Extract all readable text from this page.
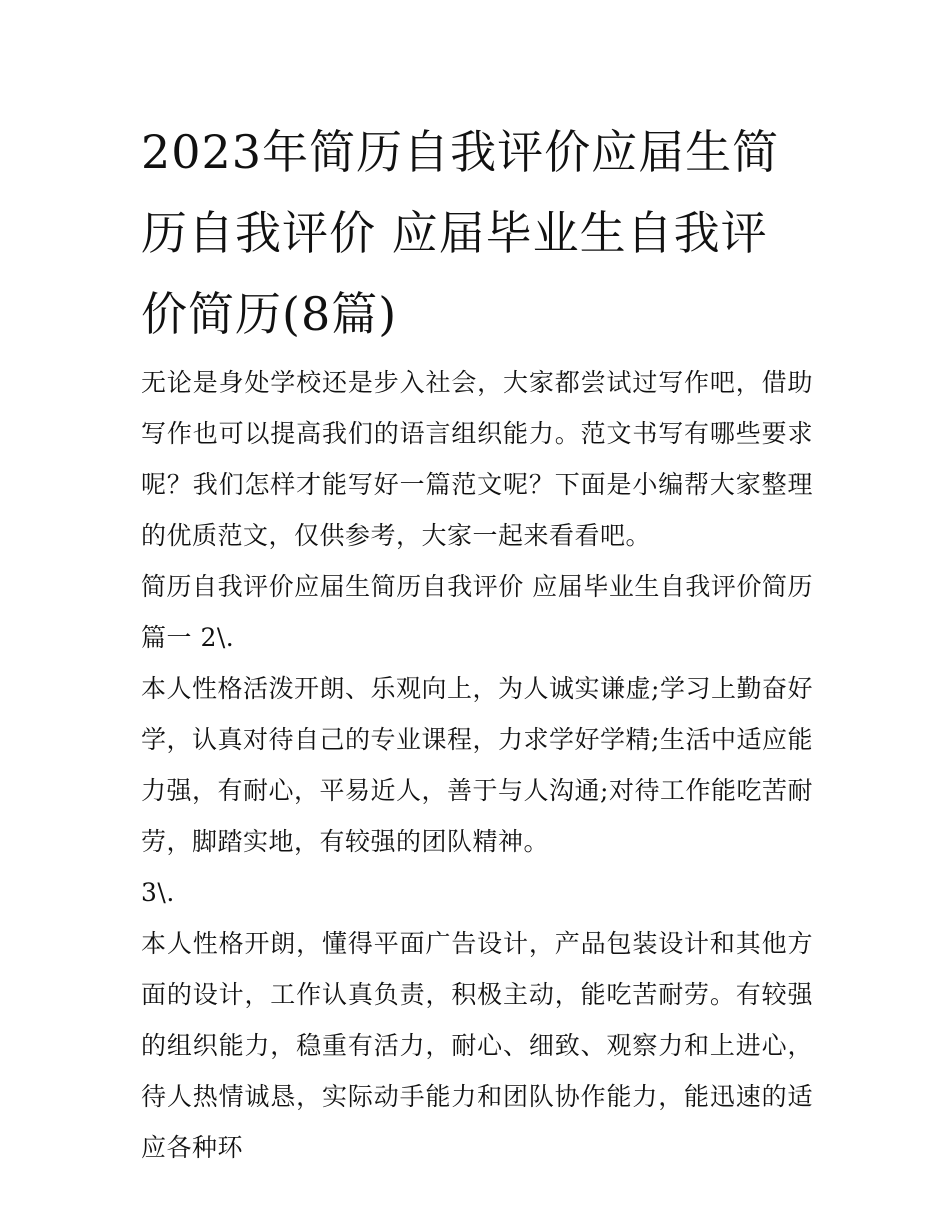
2023年简历自我评价应届生简历自我评价 应届毕业生自我评价简历(8篇)

无论是身处学校还是步入社会，大家都尝试过写作吧，借助写作也可以提高我们的语言组织能力。范文书写有哪些要求呢？我们怎样才能写好一篇范文呢？下面是小编帮大家整理的优质范文，仅供参考，大家一起来看看吧。

简历自我评价应届生简历自我评价 应届毕业生自我评价简历篇一 2\.

本人性格活泼开朗、乐观向上，为人诚实谦虚;学习上勤奋好学，认真对待自己的专业课程，力求学好学精;生活中适应能力强，有耐心，平易近人，善于与人沟通;对待工作能吃苦耐劳，脚踏实地，有较强的团队精神。

3\.

本人性格开朗，懂得平面广告设计，产品包装设计和其他方面的设计，工作认真负责，积极主动，能吃苦耐劳。有较强的组织能力，稳重有活力，耐心、细致、观察力和上进心，待人热情诚恳，实际动手能力和团队协作能力，能迅速的适应各种环
